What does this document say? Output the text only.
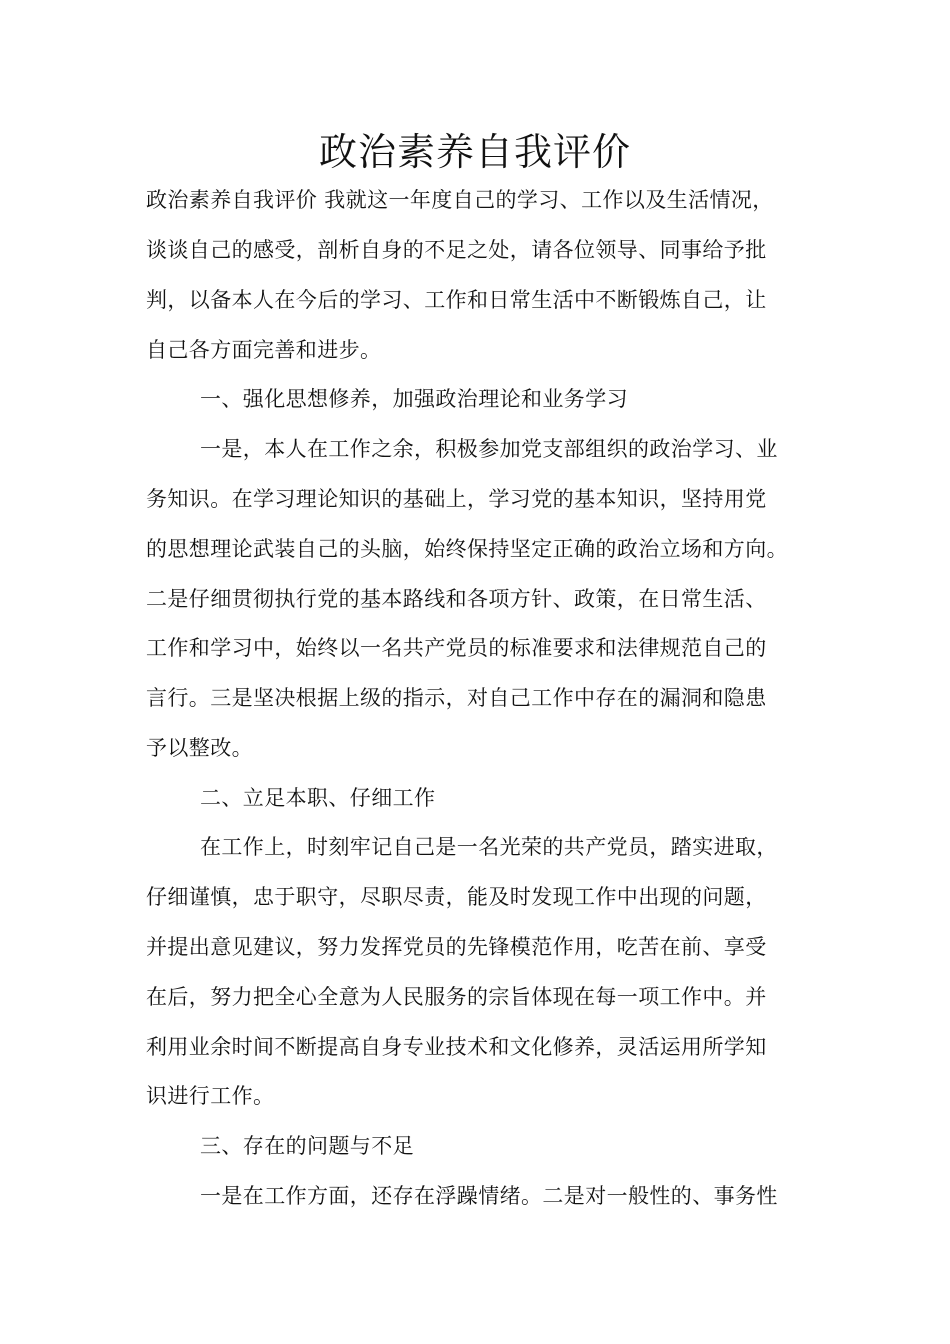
政治素养自我评价
政治素养自我评价 我就这一年度自己的学习、工作以及生活情况，
谈谈自己的感受，剖析自身的不足之处，请各位领导、同事给予批
判，以备本人在今后的学习、工作和日常生活中不断锻炼自己，让
自己各方面完善和进步。
一、强化思想修养，加强政治理论和业务学习
一是，本人在工作之余，积极参加党支部组织的政治学习、业
务知识。在学习理论知识的基础上，学习党的基本知识，坚持用党
的思想理论武装自己的头脑，始终保持坚定正确的政治立场和方向。
二是仔细贯彻执行党的基本路线和各项方针、政策，在日常生活、
工作和学习中，始终以一名共产党员的标准要求和法律规范自己的
言行。三是坚决根据上级的指示，对自己工作中存在的漏洞和隐患
予以整改。
二、立足本职、仔细工作
在工作上，时刻牢记自己是一名光荣的共产党员，踏实进取，
仔细谨慎，忠于职守，尽职尽责，能及时发现工作中出现的问题，
并提出意见建议，努力发挥党员的先锋模范作用，吃苦在前、享受
在后，努力把全心全意为人民服务的宗旨体现在每一项工作中。并
利用业余时间不断提高自身专业技术和文化修养，灵活运用所学知
识进行工作。
三、存在的问题与不足
一是在工作方面，还存在浮躁情绪。二是对一般性的、事务性
